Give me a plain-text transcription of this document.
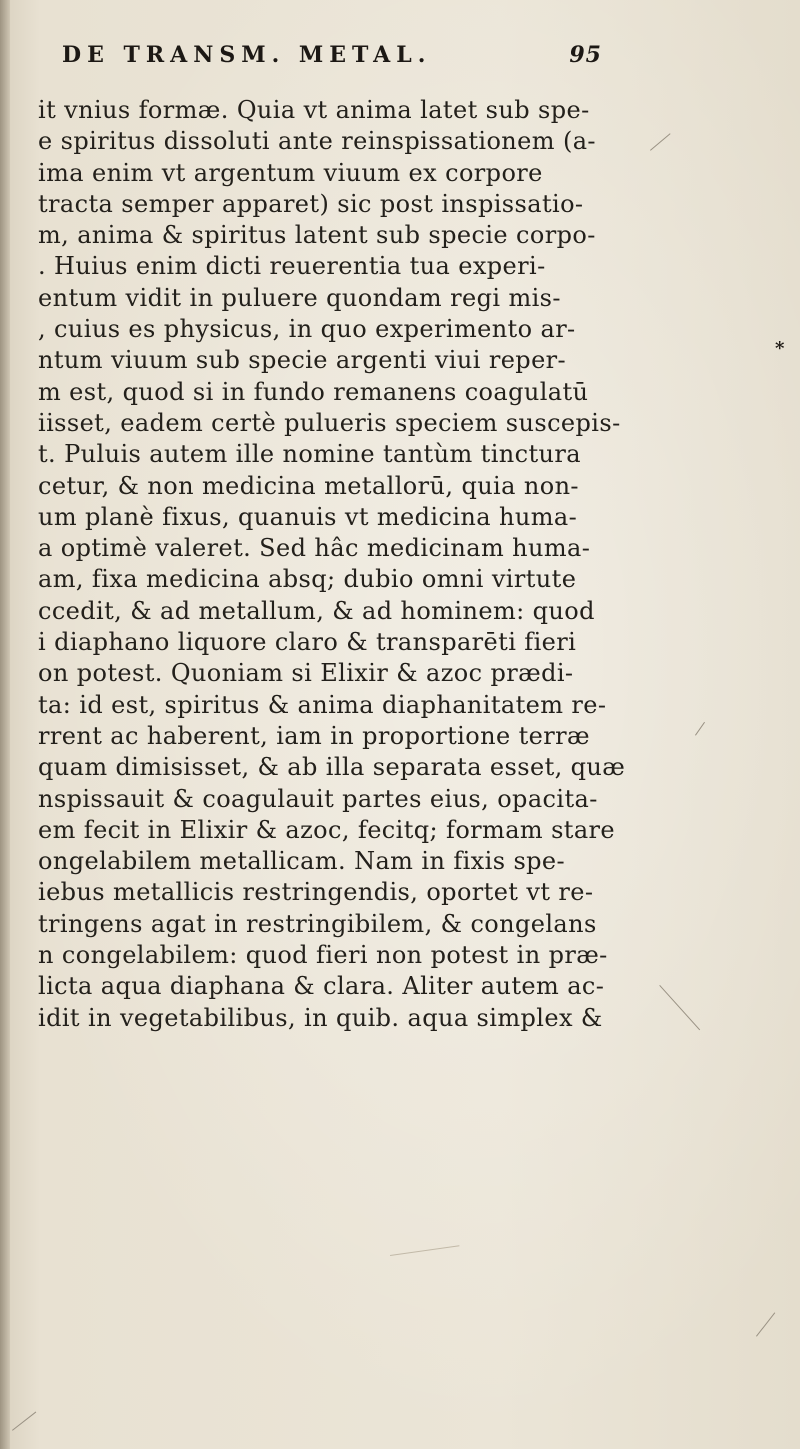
DE TRANSM. METAL.	95
it vnius formæ. Quia vt anima latet sub spe-
e spiritus dissoluti ante reinspissationem (a-
ima enim vt argentum viuum ex corpore
tracta semper apparet) sic post inspissatio-
m, anima & spiritus latent sub specie corpo-
. Huius enim dicti reuerentia tua experi-
entum vidit in puluere quondam regi mis-
, cuius es physicus, in quo experimento ar-
ntum viuum sub specie argenti viui reper-
m est, quod si in fundo remanens coagulatū
iisset, eadem certè pulueris speciem suscepis-
t. Puluis autem ille nomine tantùm tinctura
cetur, & non medicina metallorū, quia non-
um planè fixus, quanuis vt medicina huma-
a optimè valeret. Sed hâc medicinam huma-
am, fixa medicina absq; dubio omni virtute
ccedit, & ad metallum, & ad hominem: quod
i diaphano liquore claro & transparēti fieri
on potest. Quoniam si Elixir & azoc prædi-
ta: id est, spiritus & anima diaphanitatem re-
rrent ac haberent, iam in proportione terræ
quam dimisisset, & ab illa separata esset, quæ
nspissauit & coagulauit partes eius, opacita-
em fecit in Elixir & azoc, fecitq; formam stare
ongelabilem metallicam. Nam in fixis spe-
iebus metallicis restringendis, oportet vt re-
tringens agat in restringibilem, & congelans
n congelabilem: quod fieri non potest in præ-
licta aqua diaphana & clara. Aliter autem ac-
idit in vegetabilibus, in quib. aqua simplex &
*
